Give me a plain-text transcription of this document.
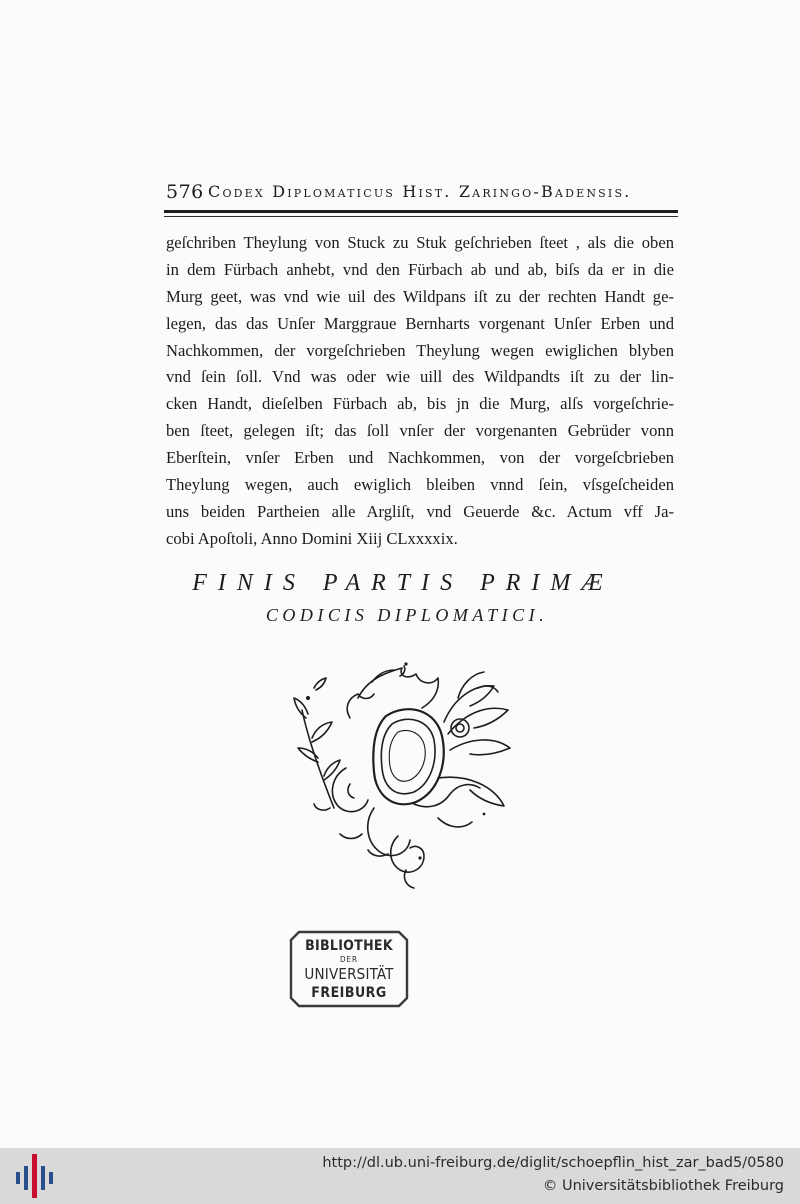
576 Codex Diplomaticus Hist. Zaringo-Badensis.
geſchriben Theylung von Stuck zu Stuk geſchrieben ſteet , als die oben
in dem Fürbach anhebt, vnd den Fürbach ab und ab, biſs da er in die
Murg geet, was vnd wie uil des Wildpans iſt zu der rechten Handt ge-
legen, das das Unſer Marggraue Bernharts vorgenant Unſer Erben und
Nachkommen, der vorgeſchrieben Theylung wegen ewiglichen blyben
vnd ſein ſoll. Vnd was oder wie uill des Wildpandts iſt zu der lin-
cken Handt, dieſelben Fürbach ab, bis jn die Murg, alſs vorgeſchrie-
ben ſteet, gelegen iſt; das ſoll vnſer der vorgenanten Gebrüder vonn
Eberſtein, vnſer Erben und Nachkommen, von der vorgeſcbrieben
Theylung wegen, auch ewiglich bleiben vnnd ſein, vſsgeſcheiden
uns beiden Partheien alle Argliſt, vnd Geuerde &c. Actum vff Ja-
cobi Apoſtoli, Anno Domini Xiij CLxxxxix.
FINIS PARTIS PRIMÆ
CODICIS DIPLOMATICI.
BIBLIOTHEK
DER
UNIVERSITÄT
FREIBURG
http://dl.ub.uni-freiburg.de/diglit/schoepflin_hist_zar_bad5/0580
© Universitätsbibliothek Freiburg
